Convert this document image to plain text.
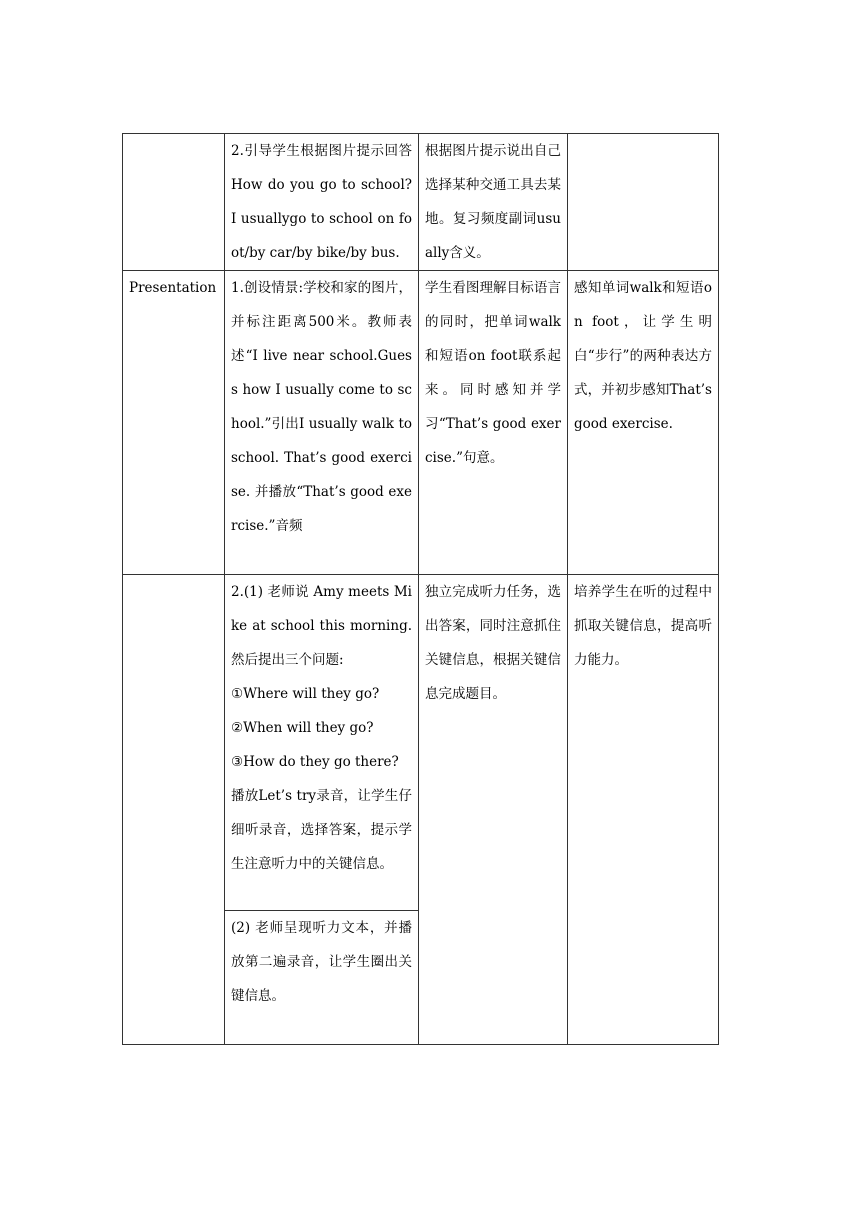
	2.引导学生根据图片提示回答How do you go to school? I usuallygo to school on foot/by car/by bike/by bus.	根据图片提示说出自己选择某种交通工具去某地。复习频度副词usually含义。	
Presentation	1.创设情景:学校和家的图片，并标注距离500米。教师表述“I live near school.Guess how I usually come to school.”引出I usually walk to school. That’s good exercise. 并播放“That’s good exercise.”音频	学生看图理解目标语言的同时，把单词walk和短语on foot联系起来。同时感知并学习“That’s good exercise.”句意。	感知单词walk和短语on foot，让学生明白“步行”的两种表达方式，并初步感知That’s good exercise.

	2.(1) 老师说 Amy meets Mike at school this morning. 然后提出三个问题:
①Where will they go?
②When will they go?
③How do they go there?
播放Let’s try录音，让学生仔细听录音，选择答案，提示学生注意听力中的关键信息。	独立完成听力任务，选出答案，同时注意抓住关键信息，根据关键信息完成题目。	培养学生在听的过程中抓取关键信息，提高听力能力。
	(2) 老师呈现听力文本，并播放第二遍录音，让学生圈出关键信息。		
